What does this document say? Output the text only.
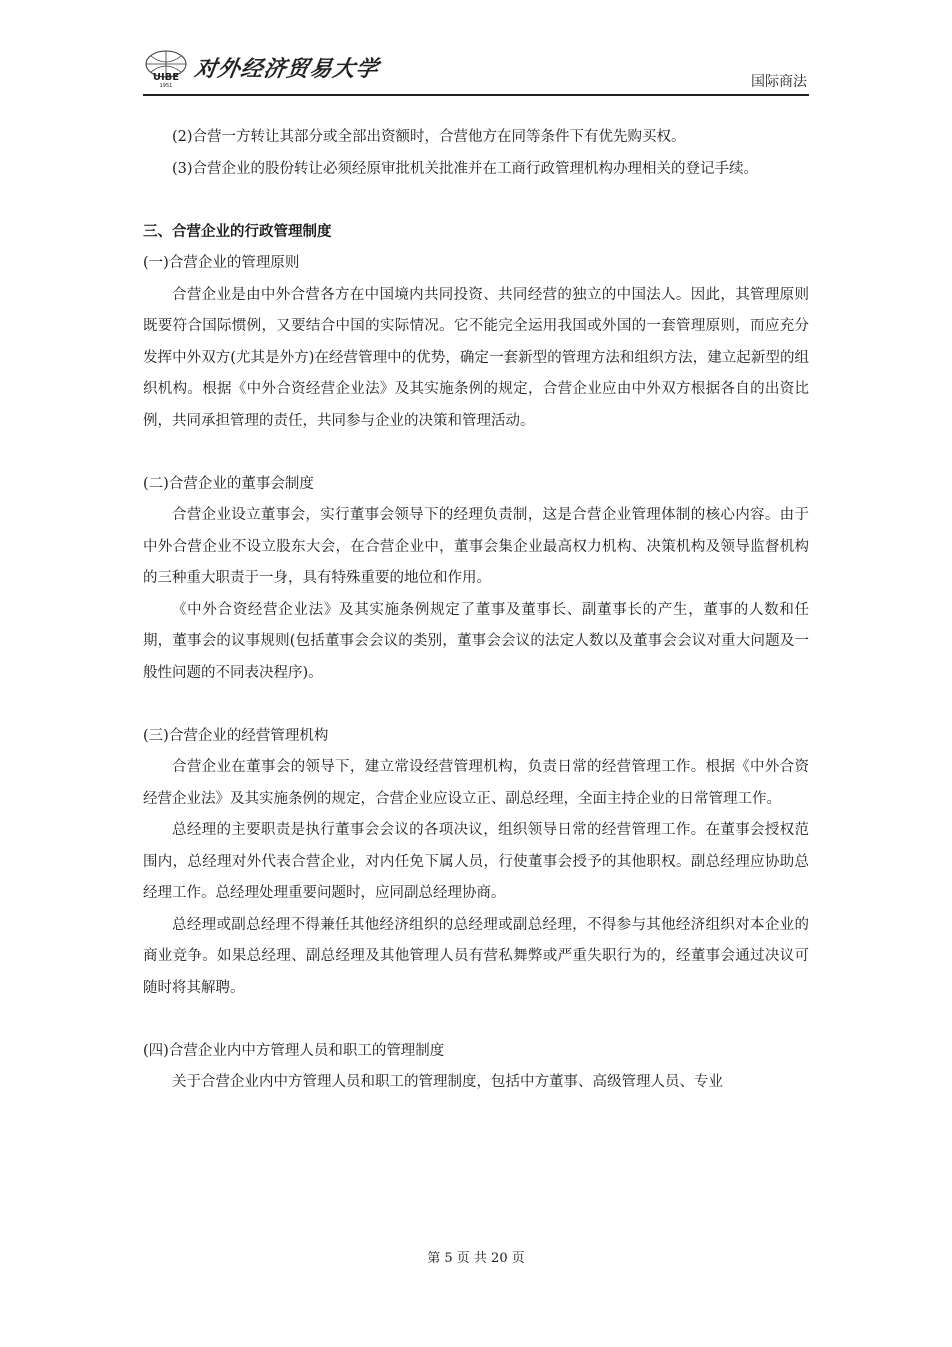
UIBE
1951
对外经济贸易大学	国际商法

(2)合营一方转让其部分或全部出资额时，合营他方在同等条件下有优先购买权。

(3)合营企业的股份转让必须经原审批机关批准并在工商行政管理机构办理相关的登记手续。

三、合营企业的行政管理制度

(一)合营企业的管理原则

合营企业是由中外合营各方在中国境内共同投资、共同经营的独立的中国法人。因此，其管理原则既要符合国际惯例，又要结合中国的实际情况。它不能完全运用我国或外国的一套管理原则，而应充分发挥中外双方(尤其是外方)在经营管理中的优势，确定一套新型的管理方法和组织方法，建立起新型的组织机构。根据《中外合资经营企业法》及其实施条例的规定，合营企业应由中外双方根据各自的出资比例，共同承担管理的责任，共同参与企业的决策和管理活动。

(二)合营企业的董事会制度

合营企业设立董事会，实行董事会领导下的经理负责制，这是合营企业管理体制的核心内容。由于中外合营企业不设立股东大会，在合营企业中，董事会集企业最高权力机构、决策机构及领导监督机构的三种重大职责于一身，具有特殊重要的地位和作用。

《中外合资经营企业法》及其实施条例规定了董事及董事长、副董事长的产生，董事的人数和任期，董事会的议事规则(包括董事会会议的类别，董事会会议的法定人数以及董事会会议对重大问题及一般性问题的不同表决程序)。

(三)合营企业的经营管理机构

合营企业在董事会的领导下，建立常设经营管理机构，负责日常的经营管理工作。根据《中外合资经营企业法》及其实施条例的规定，合营企业应设立正、副总经理，全面主持企业的日常管理工作。

总经理的主要职责是执行董事会会议的各项决议，组织领导日常的经营管理工作。在董事会授权范围内，总经理对外代表合营企业，对内任免下属人员，行使董事会授予的其他职权。副总经理应协助总经理工作。总经理处理重要问题时，应同副总经理协商。

总经理或副总经理不得兼任其他经济组织的总经理或副总经理，不得参与其他经济组织对本企业的商业竞争。如果总经理、副总经理及其他管理人员有营私舞弊或严重失职行为的，经董事会通过决议可随时将其解聘。

(四)合营企业内中方管理人员和职工的管理制度

关于合营企业内中方管理人员和职工的管理制度，包括中方董事、高级管理人员、专业

第 5 页 共 20 页
